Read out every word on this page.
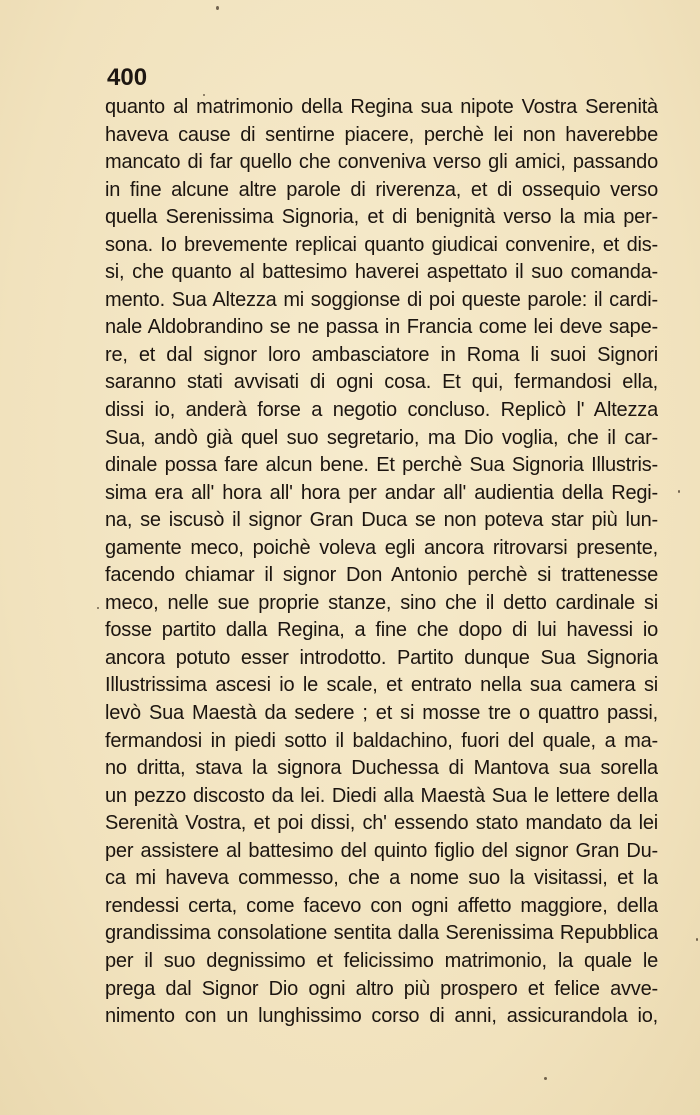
400
quanto al matrimonio della Regina sua nipote Vostra Serenità
haveva cause di sentirne piacere, perchè lei non haverebbe
mancato di far quello che conveniva verso gli amici, passando
in fine alcune altre parole di riverenza, et di ossequio verso
quella Serenissima Signoria, et di benignità verso la mia per-
sona. Io brevemente replicai quanto giudicai convenire, et dis-
si, che quanto al battesimo haverei aspettato il suo comanda-
mento. Sua Altezza mi soggionse di poi queste parole: il cardi-
nale Aldobrandino se ne passa in Francia come lei deve sape-
re, et dal signor loro ambasciatore in Roma li suoi Signori
saranno stati avvisati di ogni cosa. Et qui, fermandosi ella,
dissi io, anderà forse a negotio concluso. Replicò l' Altezza
Sua, andò già quel suo segretario, ma Dio voglia, che il car-
dinale possa fare alcun bene. Et perchè Sua Signoria Illustris-
sima era all' hora all' hora per andar all' audientia della Regi-
na, se iscusò il signor Gran Duca se non poteva star più lun-
gamente meco, poichè voleva egli ancora ritrovarsi presente,
facendo chiamar il signor Don Antonio perchè si trattenesse
meco, nelle sue proprie stanze, sino che il detto cardinale si
fosse partito dalla Regina, a fine che dopo di lui havessi io
ancora potuto esser introdotto. Partito dunque Sua Signoria
Illustrissima ascesi io le scale, et entrato nella sua camera si
levò Sua Maestà da sedere ; et si mosse tre o quattro passi,
fermandosi in piedi sotto il baldachino, fuori del quale, a ma-
no dritta, stava la signora Duchessa di Mantova sua sorella
un pezzo discosto da lei. Diedi alla Maestà Sua le lettere della
Serenità Vostra, et poi dissi, ch' essendo stato mandato da lei
per assistere al battesimo del quinto figlio del signor Gran Du-
ca mi haveva commesso, che a nome suo la visitassi, et la
rendessi certa, come facevo con ogni affetto maggiore, della
grandissima consolatione sentita dalla Serenissima Repubblica
per il suo degnissimo et felicissimo matrimonio, la quale le
prega dal Signor Dio ogni altro più prospero et felice avve-
nimento con un lunghissimo corso di anni, assicurandola io,
